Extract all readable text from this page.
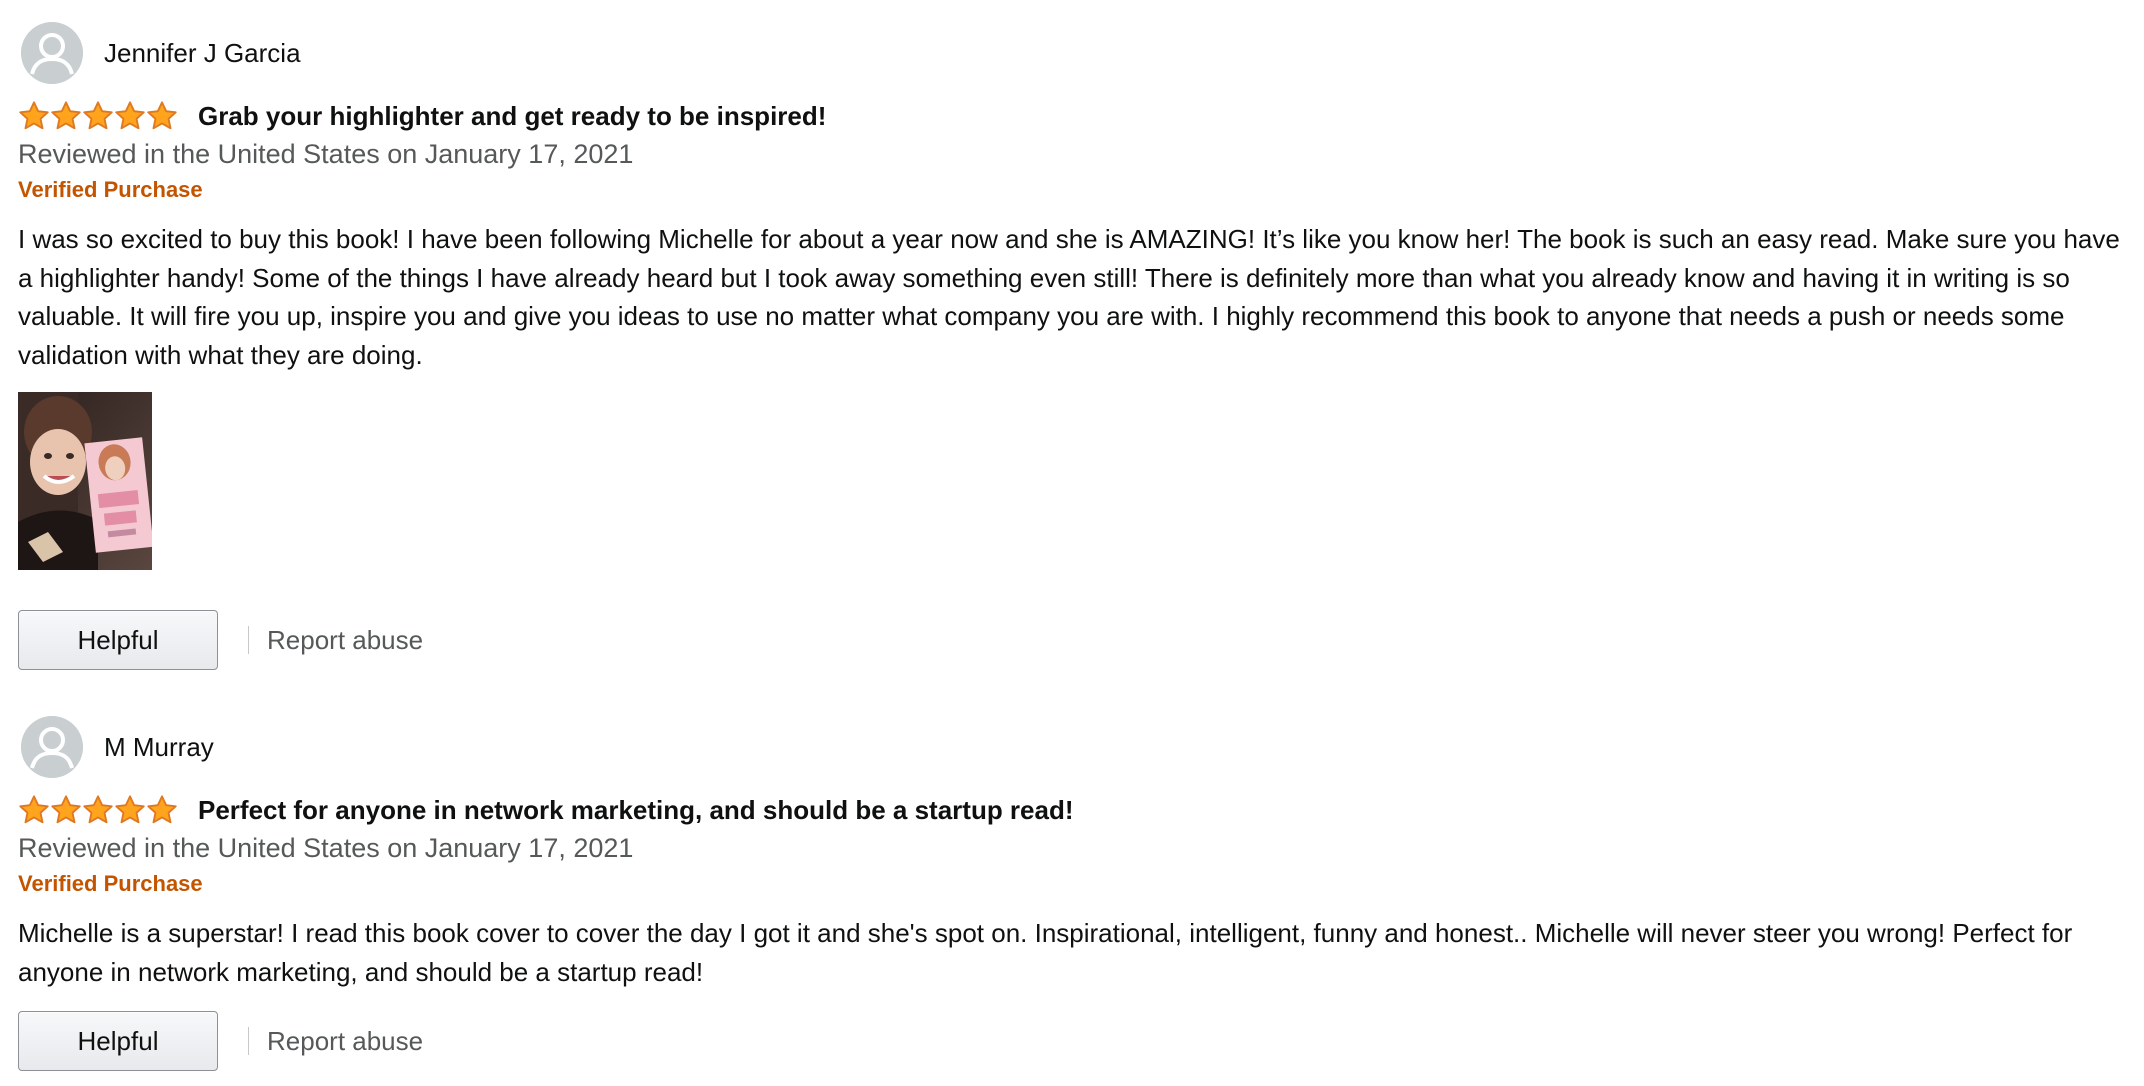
Jennifer J Garcia
Grab your highlighter and get ready to be inspired!
Reviewed in the United States on January 17, 2021
Verified Purchase
I was so excited to buy this book! I have been following Michelle for about a year now and she is AMAZING! It’s like you know her! The book is such an easy read. Make sure you have a highlighter handy! Some of the things I have already heard but I took away something even still! There is definitely more than what you already know and having it in writing is so valuable. It will fire you up, inspire you and give you ideas to use no matter what company you are with. I highly recommend this book to anyone that needs a push or needs some validation with what they are doing.
Helpful	Report abuse
M Murray
Perfect for anyone in network marketing, and should be a startup read!
Reviewed in the United States on January 17, 2021
Verified Purchase
Michelle is a superstar! I read this book cover to cover the day I got it and she's spot on. Inspirational, intelligent, funny and honest.. Michelle will never steer you wrong! Perfect for anyone in network marketing, and should be a startup read!
Helpful	Report abuse
